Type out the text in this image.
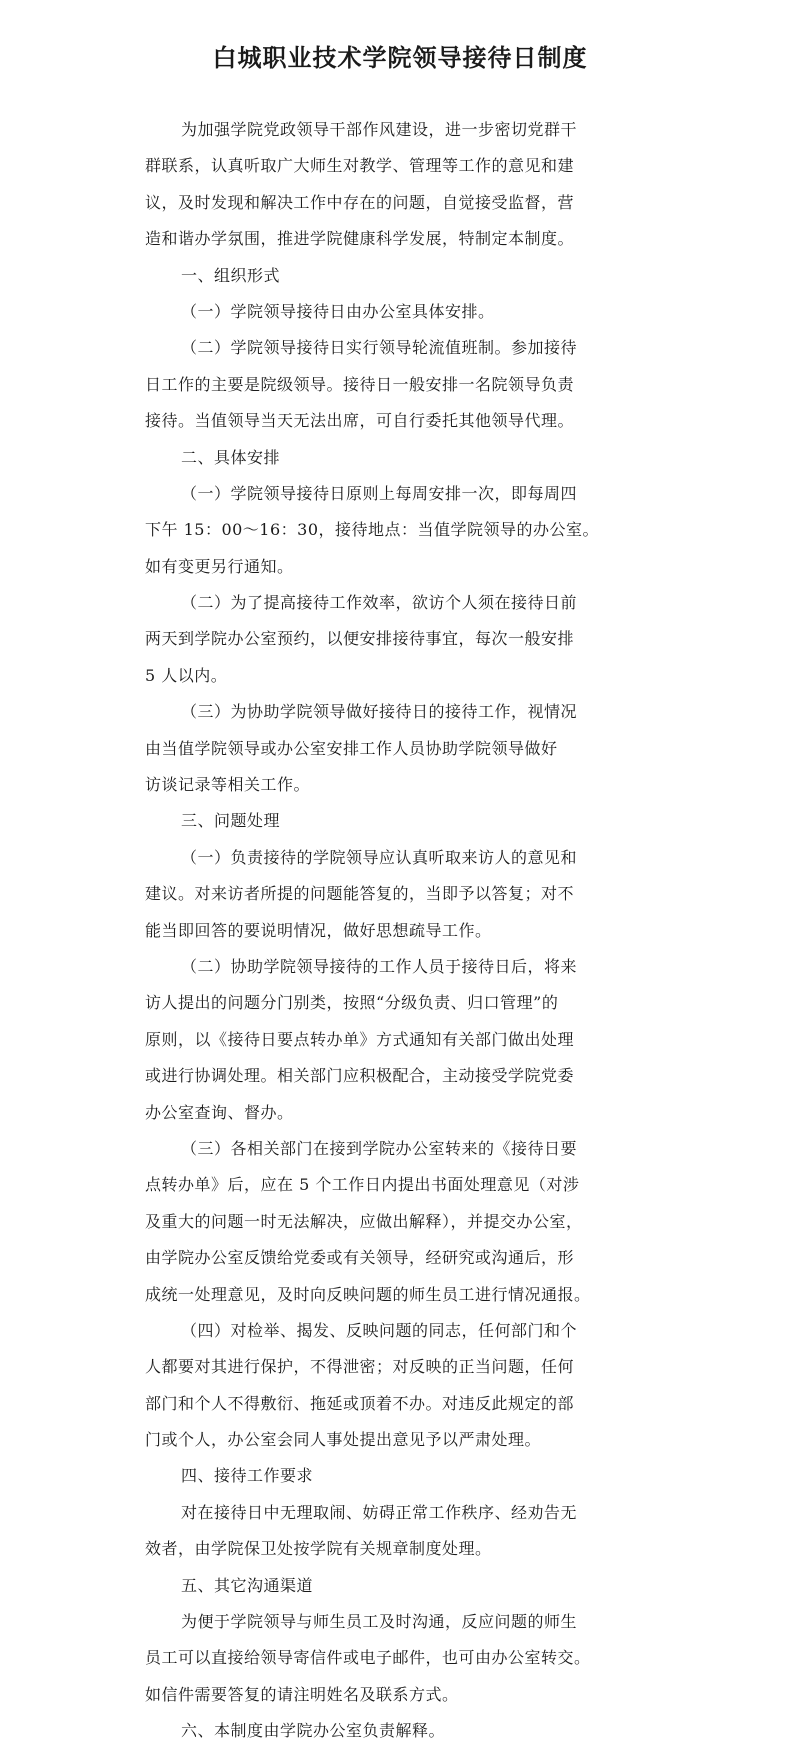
白城职业技术学院领导接待日制度
为加强学院党政领导干部作风建设，进一步密切党群干
群联系，认真听取广大师生对教学、管理等工作的意见和建
议，及时发现和解决工作中存在的问题，自觉接受监督，营
造和谐办学氛围，推进学院健康科学发展，特制定本制度。
一、组织形式
（一）学院领导接待日由办公室具体安排。
（二）学院领导接待日实行领导轮流值班制。参加接待
日工作的主要是院级领导。接待日一般安排一名院领导负责
接待。当值领导当天无法出席，可自行委托其他领导代理。
二、具体安排
（一）学院领导接待日原则上每周安排一次，即每周四
下午 15：00～16：30，接待地点：当值学院领导的办公室。
如有变更另行通知。
（二）为了提高接待工作效率，欲访个人须在接待日前
两天到学院办公室预约，以便安排接待事宜，每次一般安排
5 人以内。
（三）为协助学院领导做好接待日的接待工作，视情况
由当值学院领导或办公室安排工作人员协助学院领导做好
访谈记录等相关工作。
三、问题处理
（一）负责接待的学院领导应认真听取来访人的意见和
建议。对来访者所提的问题能答复的，当即予以答复；对不
能当即回答的要说明情况，做好思想疏导工作。
（二）协助学院领导接待的工作人员于接待日后，将来
访人提出的问题分门别类，按照“分级负责、归口管理”的
原则，以《接待日要点转办单》方式通知有关部门做出处理
或进行协调处理。相关部门应积极配合，主动接受学院党委
办公室查询、督办。
（三）各相关部门在接到学院办公室转来的《接待日要
点转办单》后，应在 5 个工作日内提出书面处理意见（对涉
及重大的问题一时无法解决，应做出解释），并提交办公室，
由学院办公室反馈给党委或有关领导，经研究或沟通后，形
成统一处理意见，及时向反映问题的师生员工进行情况通报。
（四）对检举、揭发、反映问题的同志，任何部门和个
人都要对其进行保护，不得泄密；对反映的正当问题，任何
部门和个人不得敷衍、拖延或顶着不办。对违反此规定的部
门或个人，办公室会同人事处提出意见予以严肃处理。
四、接待工作要求
对在接待日中无理取闹、妨碍正常工作秩序、经劝告无
效者，由学院保卫处按学院有关规章制度处理。
五、其它沟通渠道
为便于学院领导与师生员工及时沟通，反应问题的师生
员工可以直接给领导寄信件或电子邮件，也可由办公室转交。
如信件需要答复的请注明姓名及联系方式。
六、本制度由学院办公室负责解释。
